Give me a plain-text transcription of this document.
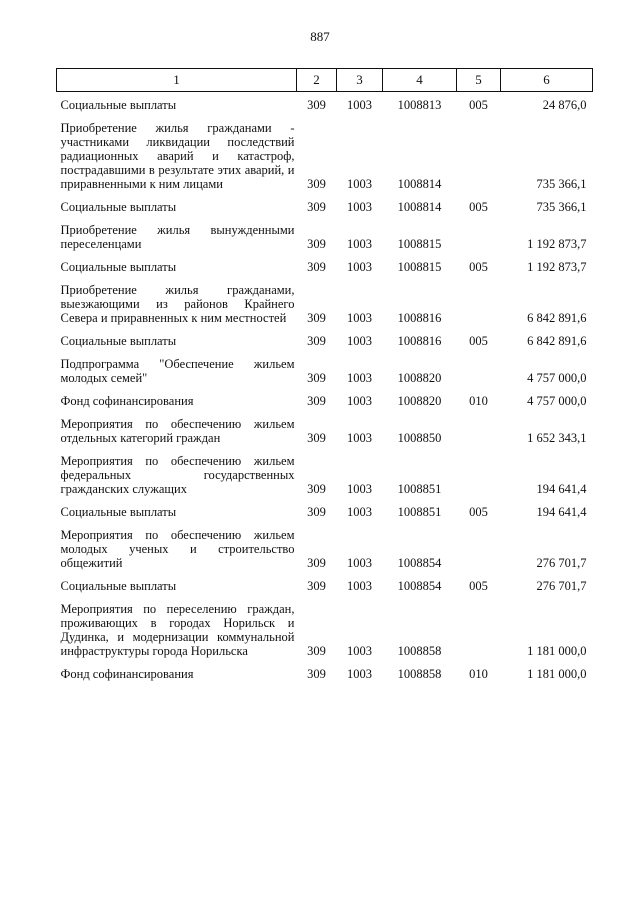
887
1	2	3	4	5	6

Социальные выплаты	309	1003	1008813	005	24 876,0

Приобретение жилья гражданами - участниками ликвидации последствий радиационных аварий и катастроф, пострадавшими в результате этих аварий, и приравненными к ним лицами	309	1003	1008814		735 366,1

Социальные выплаты	309	1003	1008814	005	735 366,1

Приобретение жилья вынужденными переселенцами	309	1003	1008815		1 192 873,7

Социальные выплаты	309	1003	1008815	005	1 192 873,7

Приобретение жилья гражданами, выезжающими из районов Крайнего Севера и приравненных к ним местностей	309	1003	1008816		6 842 891,6

Социальные выплаты	309	1003	1008816	005	6 842 891,6

Подпрограмма "Обеспечение жильем молодых семей"	309	1003	1008820		4 757 000,0

Фонд софинансирования	309	1003	1008820	010	4 757 000,0

Мероприятия по обеспечению жильем отдельных категорий граждан	309	1003	1008850		1 652 343,1

Мероприятия по обеспечению жильем федеральных государственных гражданских служащих	309	1003	1008851		194 641,4

Социальные выплаты	309	1003	1008851	005	194 641,4

Мероприятия по обеспечению жильем молодых ученых и строительство общежитий	309	1003	1008854		276 701,7

Социальные выплаты	309	1003	1008854	005	276 701,7

Мероприятия по переселению граждан, проживающих в городах Норильск и Дудинка, и модернизации коммунальной инфраструктуры города Норильска	309	1003	1008858		1 181 000,0

Фонд софинансирования	309	1003	1008858	010	1 181 000,0
